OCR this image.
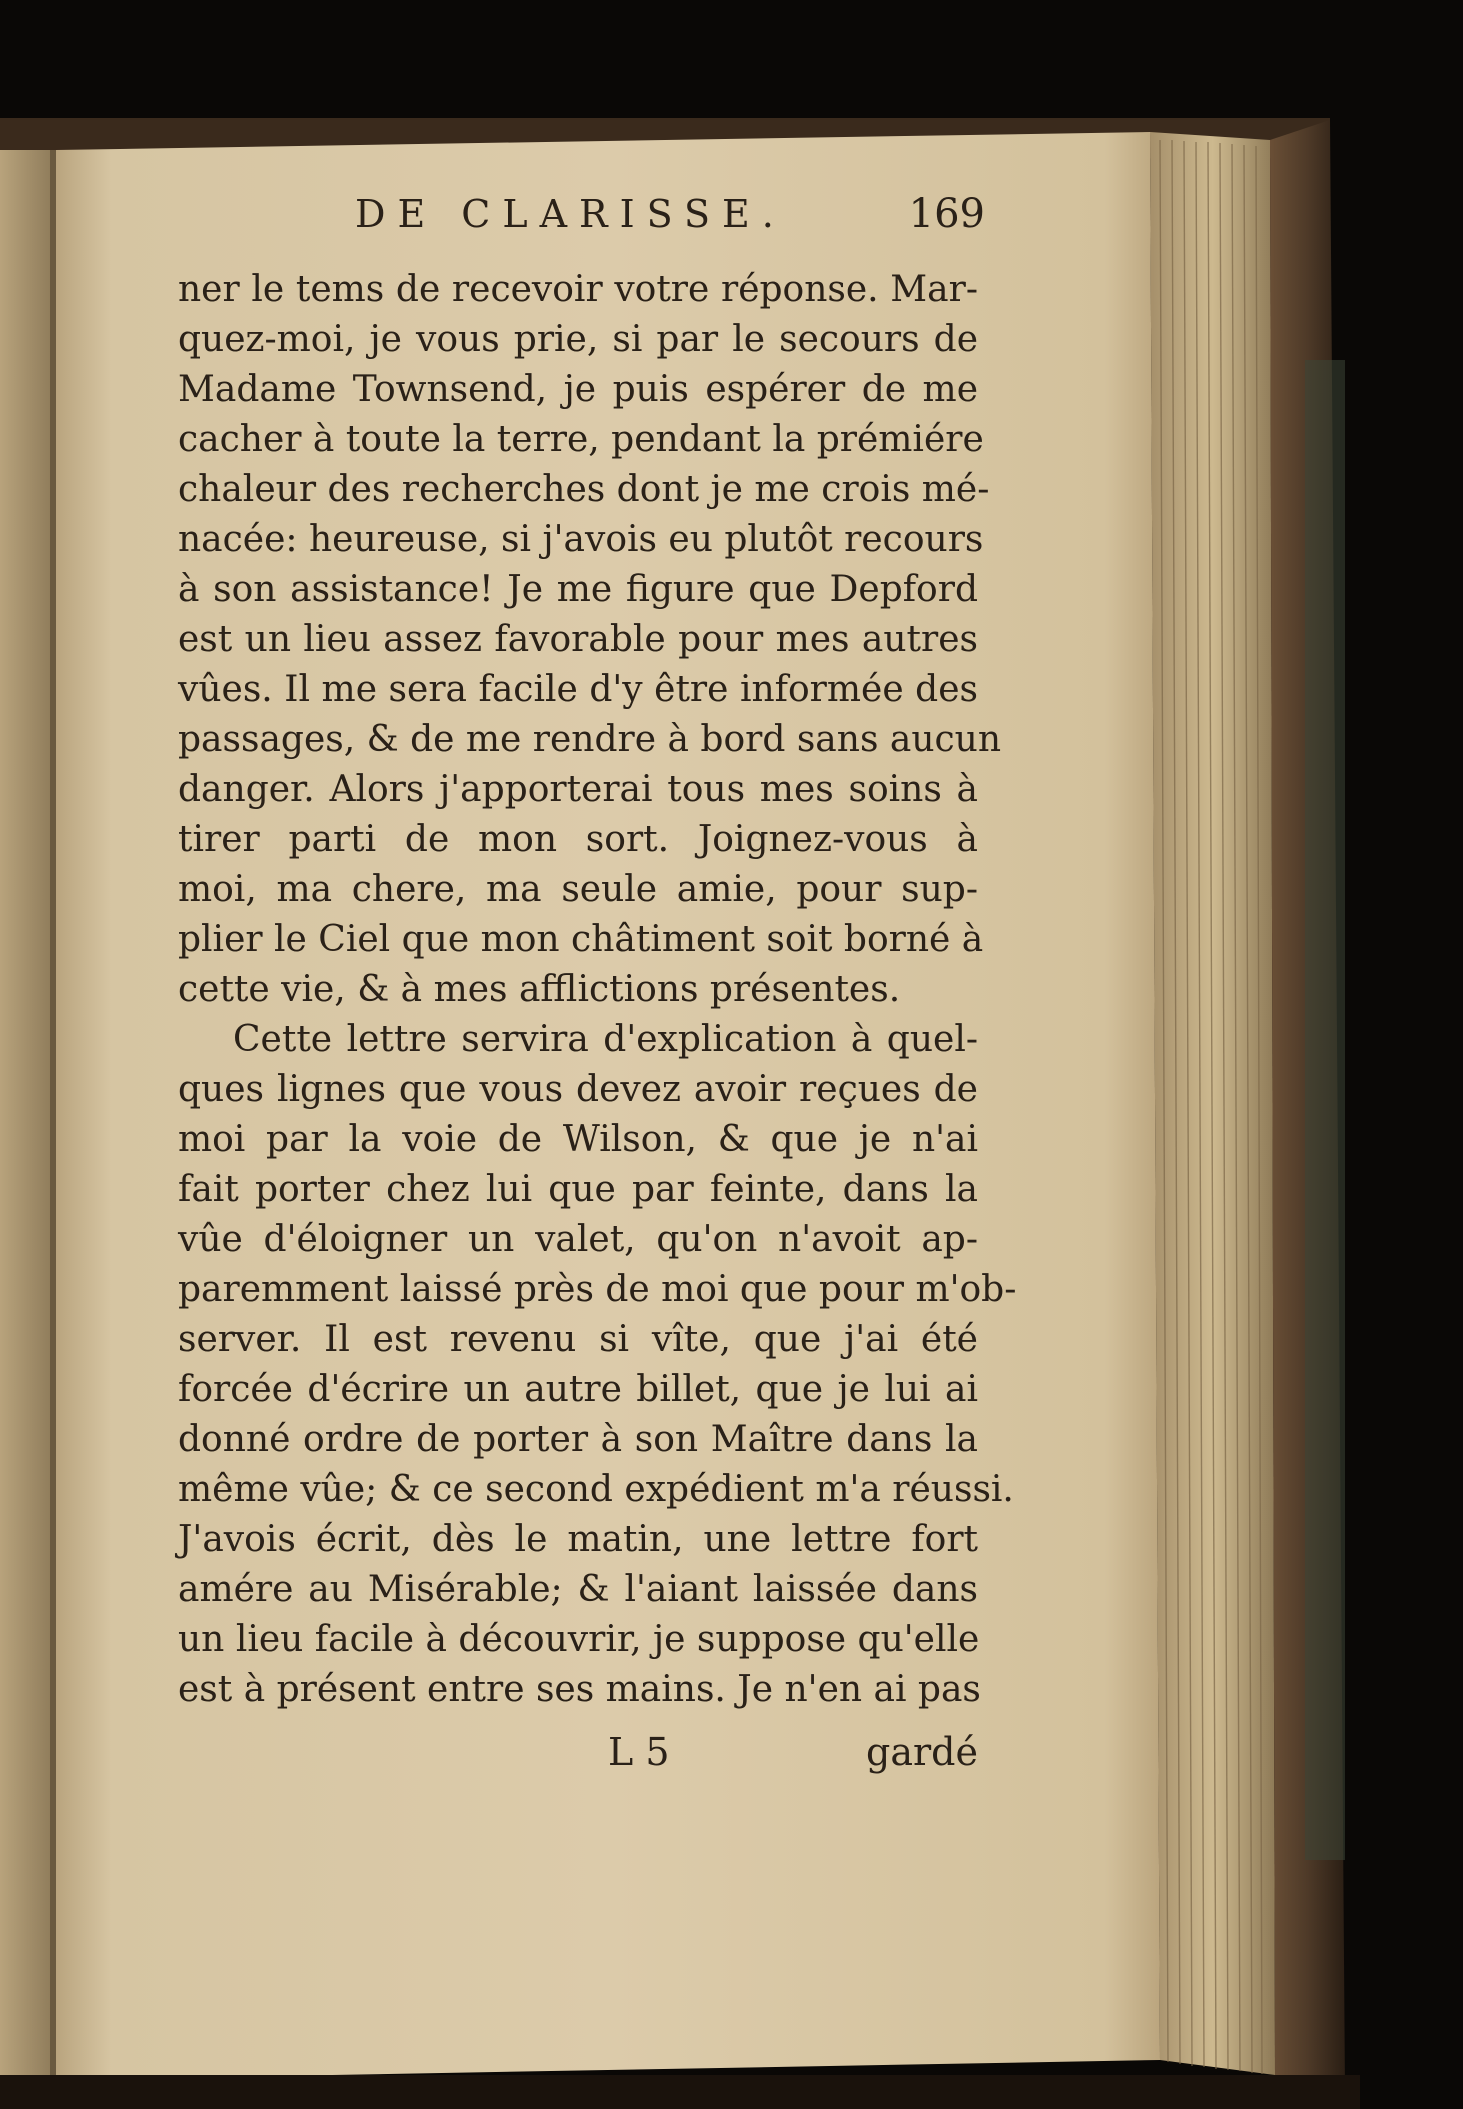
DE CLARISSE.	169
ner le tems de recevoir votre réponse. Mar-
quez-moi, je vous prie, si par le secours de
Madame Townsend, je puis espérer de me
cacher à toute la terre, pendant la prémiére
chaleur des recherches dont je me crois mé-
nacée: heureuse, si j'avois eu plutôt recours
à son assistance! Je me figure que Depford
est un lieu assez favorable pour mes autres
vûes. Il me sera facile d'y être informée des
passages, & de me rendre à bord sans aucun
danger. Alors j'apporterai tous mes soins à
tirer parti de mon sort. Joignez-vous à
moi, ma chere, ma seule amie, pour sup-
plier le Ciel que mon châtiment soit borné à
cette vie, & à mes afflictions présentes.
Cette lettre servira d'explication à quel-
ques lignes que vous devez avoir reçues de
moi par la voie de Wilson, & que je n'ai
fait porter chez lui que par feinte, dans la
vûe d'éloigner un valet, qu'on n'avoit ap-
paremment laissé près de moi que pour m'ob-
server. Il est revenu si vîte, que j'ai été
forcée d'écrire un autre billet, que je lui ai
donné ordre de porter à son Maître dans la
même vûe; & ce second expédient m'a réussi.
J'avois écrit, dès le matin, une lettre fort
amére au Misérable; & l'aiant laissée dans
un lieu facile à découvrir, je suppose qu'elle
est à présent entre ses mains. Je n'en ai pas
L 5	gardé
